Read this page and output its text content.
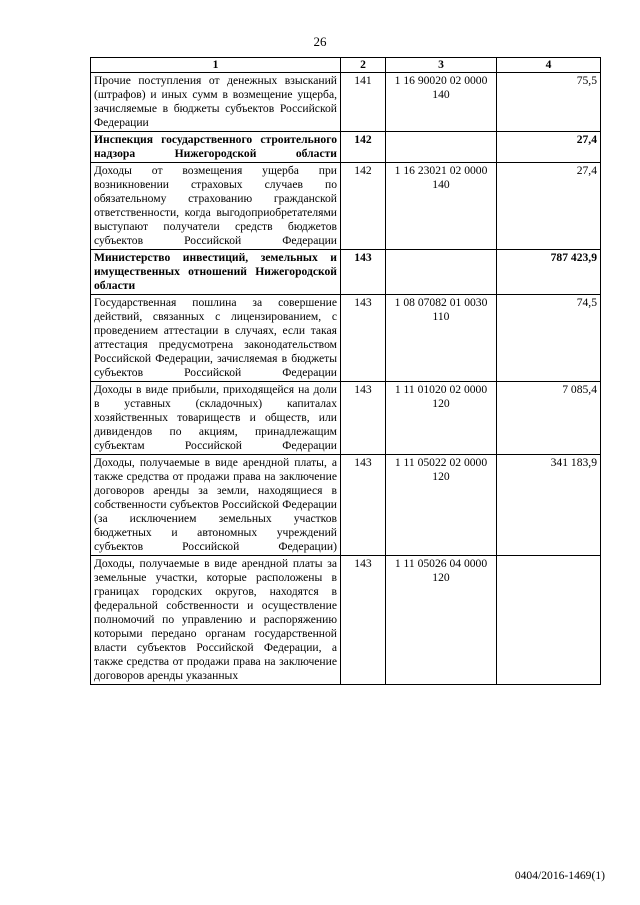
26
1	2	3	4
Прочие поступления от денежных взысканий (штрафов) и иных сумм в возмещение ущерба, зачисляемые в бюджеты субъектов Российской Федерации	141	1 16 90020 02 0000 140	75,5
Инспекция государственного строительного надзора Нижегородской области	142		27,4
Доходы от возмещения ущерба при возникновении страховых случаев по обязательному страхованию гражданской ответственности, когда выгодоприобретателями выступают получатели средств бюджетов субъектов Российской Федерации	142	1 16 23021 02 0000 140	27,4
Министерство инвестиций, земельных и имущественных отношений Нижегородской области	143		787 423,9
Государственная пошлина за совершение действий, связанных с лицензированием, с проведением аттестации в случаях, если такая аттестация предусмотрена законодательством Российской Федерации, зачисляемая в бюджеты субъектов Российской Федерации	143	1 08 07082 01 0030 110	74,5
Доходы в виде прибыли, приходящейся на доли в уставных (складочных) капиталах хозяйственных товариществ и обществ, или дивидендов по акциям, принадлежащим субъектам Российской Федерации	143	1 11 01020 02 0000 120	7 085,4
Доходы, получаемые в виде арендной платы, а также средства от продажи права на заключение договоров аренды за земли, находящиеся в собственности субъектов Российской Федерации (за исключением земельных участков бюджетных и автономных учреждений субъектов Российской Федерации)	143	1 11 05022 02 0000 120	341 183,9
Доходы, получаемые в виде арендной платы за земельные участки, которые расположены в границах городских округов, находятся в федеральной собственности и осуществление полномочий по управлению и распоряжению которыми передано органам государственной власти субъектов Российской Федерации, а также средства от продажи права на заключение договоров аренды указанных	143	1 11 05026 04 0000 120	
0404/2016-1469(1)
